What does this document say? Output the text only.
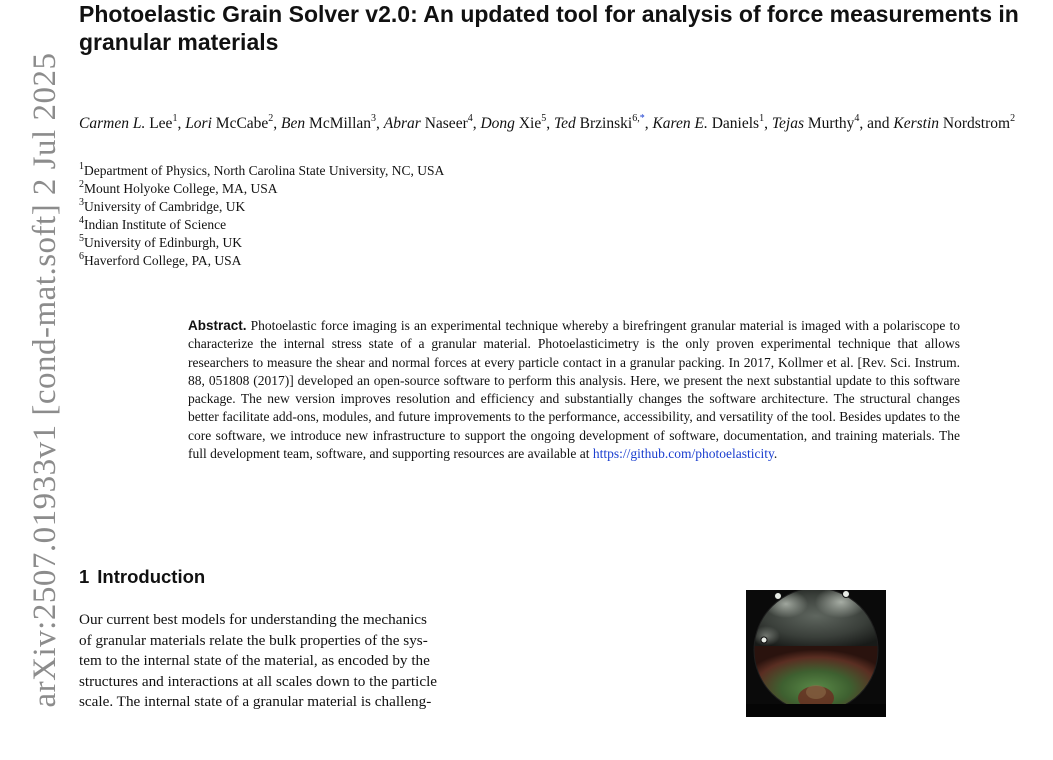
arXiv:2507.01933v1 [cond-mat.soft] 2 Jul 2025
Photoelastic Grain Solver v2.0: An updated tool for analysis of force measurements in granular materials
Carmen L. Lee$^1$, Lori McCabe$^2$, Ben McMillan$^3$, Abrar Naseer$^4$, Dong Xie$^5$, Ted Brzinski$^{6,*}$, Karen E. Daniels$^1$, Tejas Murthy$^4$, and Kerstin Nordstrom$^2$
$^1$Department of Physics, North Carolina State University, NC, USA
$^2$Mount Holyoke College, MA, USA
$^3$University of Cambridge, UK
$^4$Indian Institute of Science
$^5$University of Edinburgh, UK
$^6$Haverford College, PA, USA
Abstract. Photoelastic force imaging is an experimental technique whereby a birefringent granular material is imaged with a polariscope to characterize the internal stress state of a granular material. Photoelasticimetry is the only proven experimental technique that allows researchers to measure the shear and normal forces at every particle contact in a granular packing. In 2017, Kollmer et al. [Rev. Sci. Instrum. 88, 051808 (2017)] developed an open-source software to perform this analysis. Here, we present the next substantial update to this software package. The new version improves resolution and efficiency and substantially changes the software architecture. The structural changes better facilitate add-ons, modules, and future improvements to the performance, accessibility, and versatility of the tool. Besides updates to the core software, we introduce new infrastructure to support the ongoing development of software, documentation, and training materials. The full development team, software, and supporting resources are available at https://github.com/photoelasticity.
1 Introduction
Our current best models for understanding the mechanics
of granular materials relate the bulk properties of the sys-
tem to the internal state of the material, as encoded by the
structures and interactions at all scales down to the particle
scale. The internal state of a granular material is challeng-
